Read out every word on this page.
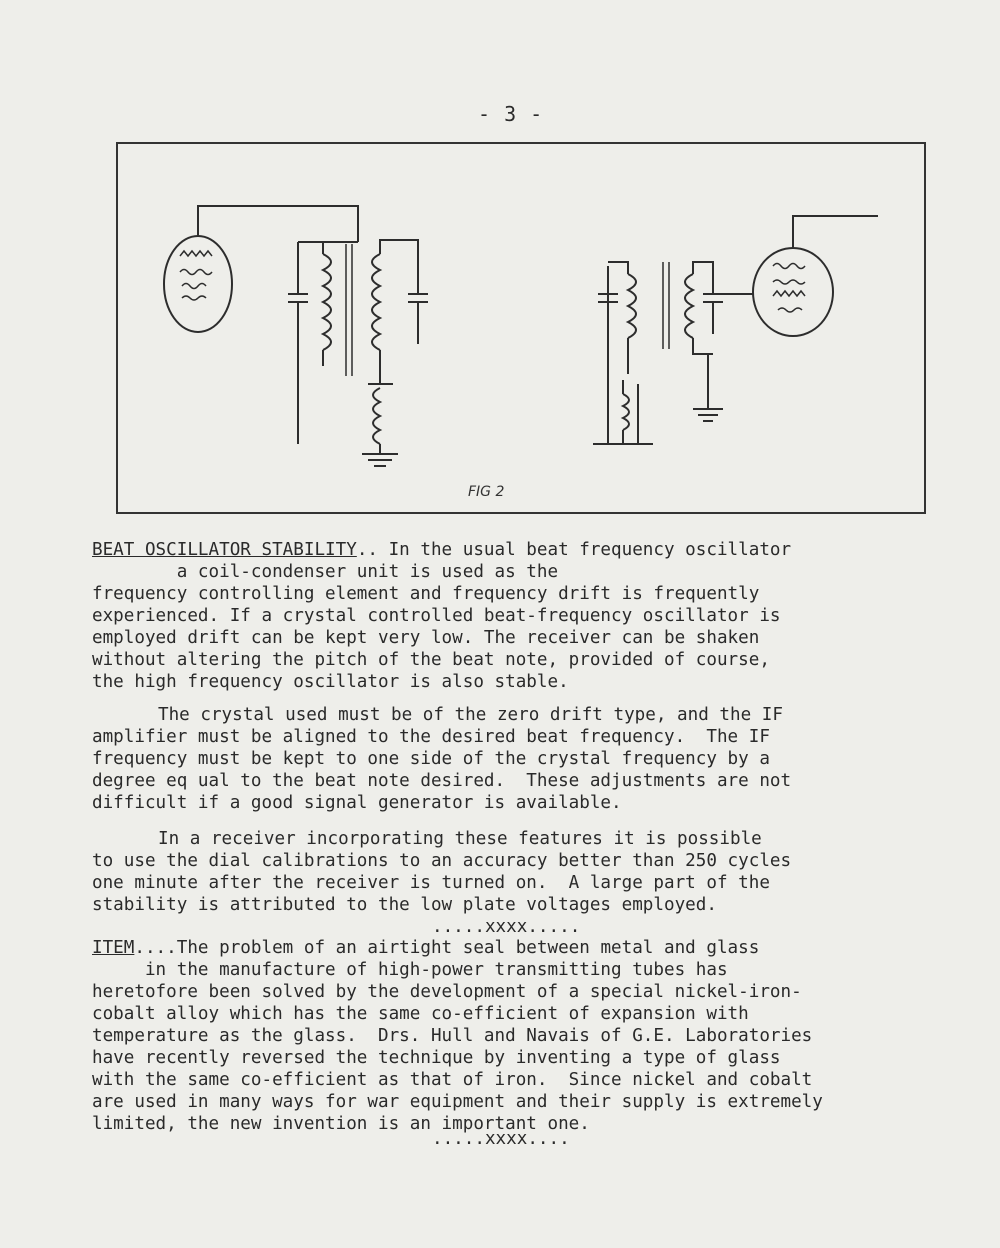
- 3 -
FIG 2
BEAT OSCILLATOR STABILITY.. In the usual beat frequency oscillator
a coil-condenser unit is used as the
frequency controlling element and frequency drift is frequently
experienced. If a crystal controlled beat-frequency oscillator is
employed drift can be kept very low. The receiver can be shaken
without altering the pitch of the beat note, provided of course,
the high frequency oscillator is also stable.
The crystal used must be of the zero drift type, and the IF
amplifier must be aligned to the desired beat frequency.  The IF
frequency must be kept to one side of the crystal frequency by a
degree eq ual to the beat note desired.  These adjustments are not
difficult if a good signal generator is available.
In a receiver incorporating these features it is possible
to use the dial calibrations to an accuracy better than 250 cycles
one minute after the receiver is turned on.  A large part of the
stability is attributed to the low plate voltages employed.
.....xxxx.....
ITEM....The problem of an airtight seal between metal and glass
in the manufacture of high-power transmitting tubes has
heretofore been solved by the development of a special nickel-iron-
cobalt alloy which has the same co-efficient of expansion with
temperature as the glass.  Drs. Hull and Navais of G.E. Laboratories
have recently reversed the technique by inventing a type of glass
with the same co-efficient as that of iron.  Since nickel and cobalt
are used in many ways for war equipment and their supply is extremely
limited, the new invention is an important one.
.....xxxx....
